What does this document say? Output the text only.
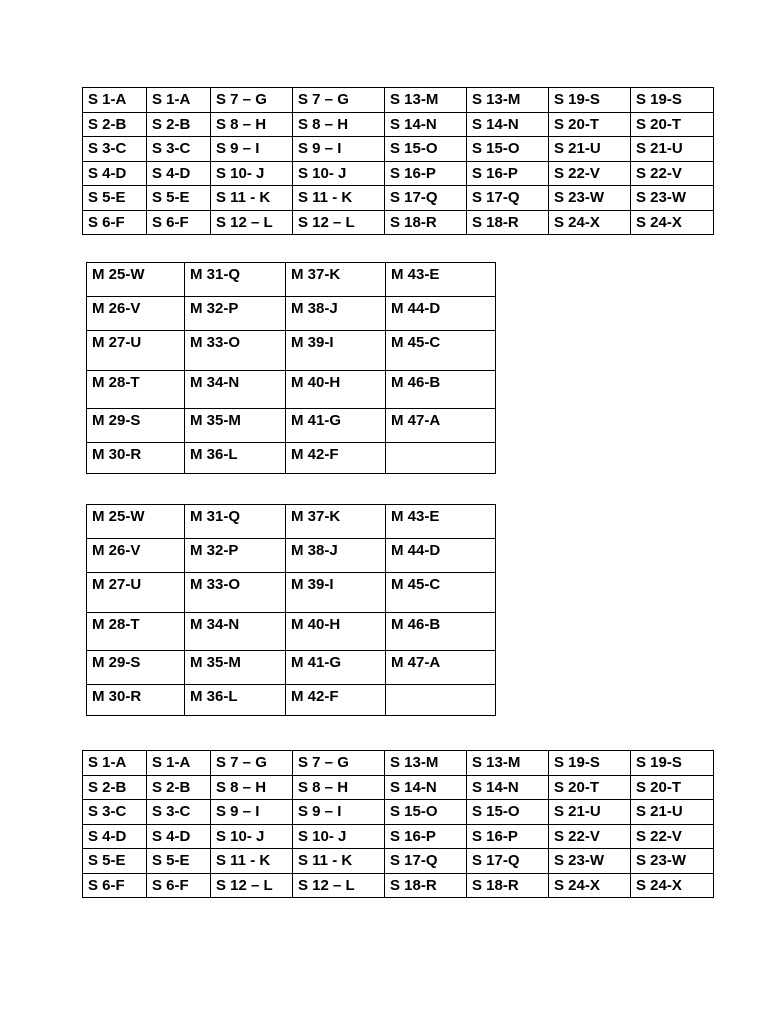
S 1-A	S 1-A	S 7 – G	S 7 – G	S 13-M	S 13-M	S 19-S	S 19-S
S 2-B	S 2-B	S 8 – H	S 8 – H	S 14-N	S 14-N	S 20-T	S 20-T
S 3-C	S 3-C	S 9 – I	S 9 – I	S 15-O	S 15-O	S 21-U	S 21-U
S 4-D	S 4-D	S 10- J	S 10- J	S 16-P	S 16-P	S 22-V	S 22-V
S 5-E	S 5-E	S 11 - K	S 11 - K	S 17-Q	S 17-Q	S 23-W	S 23-W
S 6-F	S 6-F	S 12 – L	S 12 – L	S 18-R	S 18-R	S 24-X	S 24-X
M 25-W	M 31-Q	M 37-K	M 43-E
M 26-V	M 32-P	M 38-J	M 44-D
M 27-U	M 33-O	M 39-I	M 45-C
M 28-T	M 34-N	M 40-H	M 46-B
M 29-S	M 35-M	M 41-G	M 47-A
M 30-R	M 36-L	M 42-F	
M 25-W	M 31-Q	M 37-K	M 43-E
M 26-V	M 32-P	M 38-J	M 44-D
M 27-U	M 33-O	M 39-I	M 45-C
M 28-T	M 34-N	M 40-H	M 46-B
M 29-S	M 35-M	M 41-G	M 47-A
M 30-R	M 36-L	M 42-F	
S 1-A	S 1-A	S 7 – G	S 7 – G	S 13-M	S 13-M	S 19-S	S 19-S
S 2-B	S 2-B	S 8 – H	S 8 – H	S 14-N	S 14-N	S 20-T	S 20-T
S 3-C	S 3-C	S 9 – I	S 9 – I	S 15-O	S 15-O	S 21-U	S 21-U
S 4-D	S 4-D	S 10- J	S 10- J	S 16-P	S 16-P	S 22-V	S 22-V
S 5-E	S 5-E	S 11 - K	S 11 - K	S 17-Q	S 17-Q	S 23-W	S 23-W
S 6-F	S 6-F	S 12 – L	S 12 – L	S 18-R	S 18-R	S 24-X	S 24-X
